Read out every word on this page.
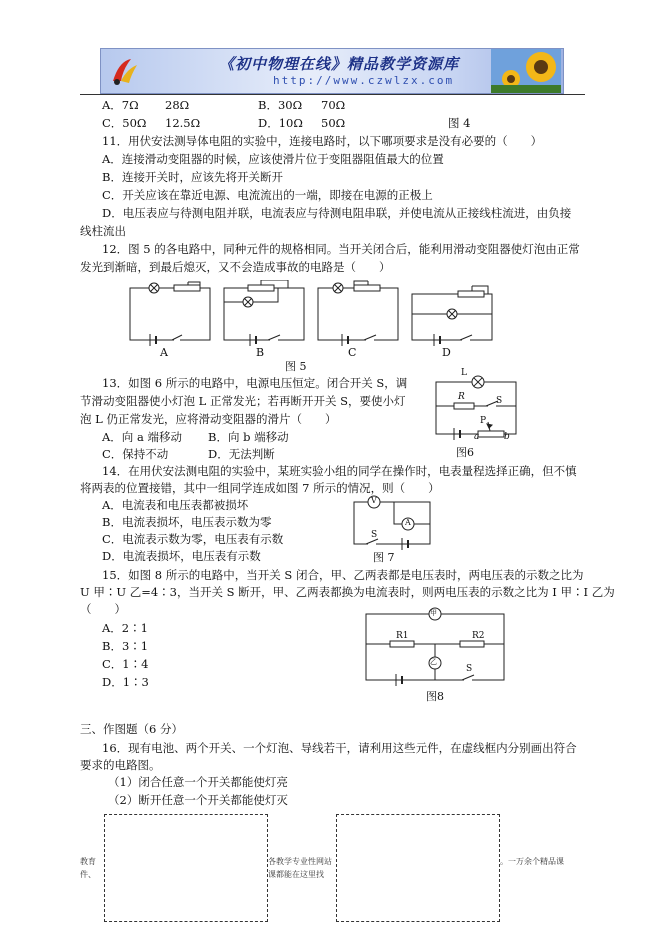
《初中物理在线》精品教学资源库
http://www.czwlzx.com
A．7Ω 28Ω	B．30Ω 70Ω
C．50Ω 12.5Ω	D．10Ω 50Ω	图 4
11．用伏安法测导体电阻的实验中，连接电路时，以下哪项要求是没有必要的（　　）
A．连接滑动变阻器的时候，应该使滑片位于变阻器阻值最大的位置
B．连接开关时，应该先将开关断开
C．开关应该在靠近电源、电流流出的一端，即接在电源的正极上
D．电压表应与待测电阻并联，电流表应与待测电阻串联，并使电流从正接线柱流进，由负接
线柱流出
12．图 5 的各电路中，同种元件的规格相同。当开关闭合后，能利用滑动变阻器使灯泡由正常
发光到渐暗，到最后熄灭，又不会造成事故的电路是（　　）
A	B	C	D
图 5
13．如图 6 所示的电路中，电源电压恒定。闭合开关 S，调
节滑动变阻器使小灯泡 L 正常发光；若再断开开关 S，要使小灯
泡 L 仍正常发光，应将滑动变阻器的滑片（　　）
A．向 a 端移动 B．向 b 端移动
C．保持不动	D．无法判断
L
R	S
P
a	b
图6
14．在用伏安法测电阻的实验中，某班实验小组的同学在操作时，电表量程选择正确，但不慎
将两表的位置接错，其中一组同学连成如图 7 所示的情况，则（　　）
A．电流表和电压表都被损坏
B．电流表损坏，电压表示数为零
C．电流表示数为零，电压表有示数
D．电流表损坏，电压表有示数
V
A
S
图 7
15．如图 8 所示的电路中，当开关 S 闭合，甲、乙两表都是电压表时，两电压表的示数之比为
U 甲∶U 乙=4∶3，当开关 S 断开，甲、乙两表都换为电流表时，则两电压表的示数之比为 I 甲∶I 乙为
（　　）
A．2∶1
B．3∶1
C．1∶4
D．1∶3
甲
R1	R2
乙
S
图8
三、作图题（6 分）
16．现有电池、两个开关、一个灯泡、导线若干，请利用这些元件，在虚线框内分别画出符合
要求的电路图。
（1）闭合任意一个开关都能使灯亮
（2）断开任意一个开关都能使灯灭
教育	各教学专业性网站	。一万余个精品课
件、	课都能在这里找
